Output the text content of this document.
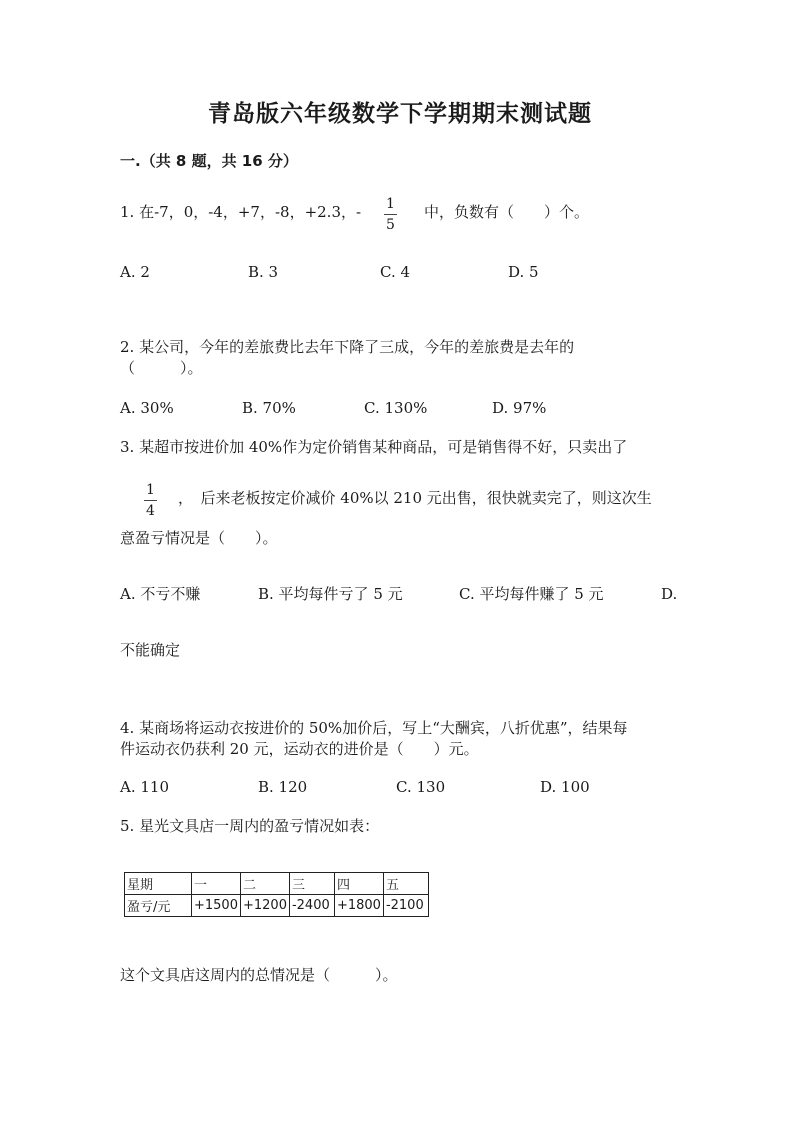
青岛版六年级数学下学期期末测试题
一.（共 8 题，共 16 分）
1. 在-7，0，-4，+7，-8，+2.3，- $\frac{1}{5}$ 中，负数有（　　）个。
A. 2	B. 3	C. 4	D. 5
2. 某公司，今年的差旅费比去年下降了三成，今年的差旅费是去年的
（　　　）。
A. 30%	B. 70%	C. 130%	D. 97%
3. 某超市按进价加 40%作为定价销售某种商品，可是销售得不好，只卖出了
$\frac{1}{4}$ ，　后来老板按定价减价 40%以 210 元出售，很快就卖完了，则这次生
意盈亏情况是（　　）。
A. 不亏不赚	B. 平均每件亏了 5 元	C. 平均每件赚了 5 元	D.
不能确定
4. 某商场将运动衣按进价的 50%加价后，写上“大酬宾，八折优惠”，结果每
件运动衣仍获利 20 元，运动衣的进价是（　　）元。
A. 110	B. 120	C. 130	D. 100
5. 星光文具店一周内的盈亏情况如表：
星期	一	二	三	四	五
盈亏/元	+1500	+1200	-2400	+1800	-2100
这个文具店这周内的总情况是（　　　）。
